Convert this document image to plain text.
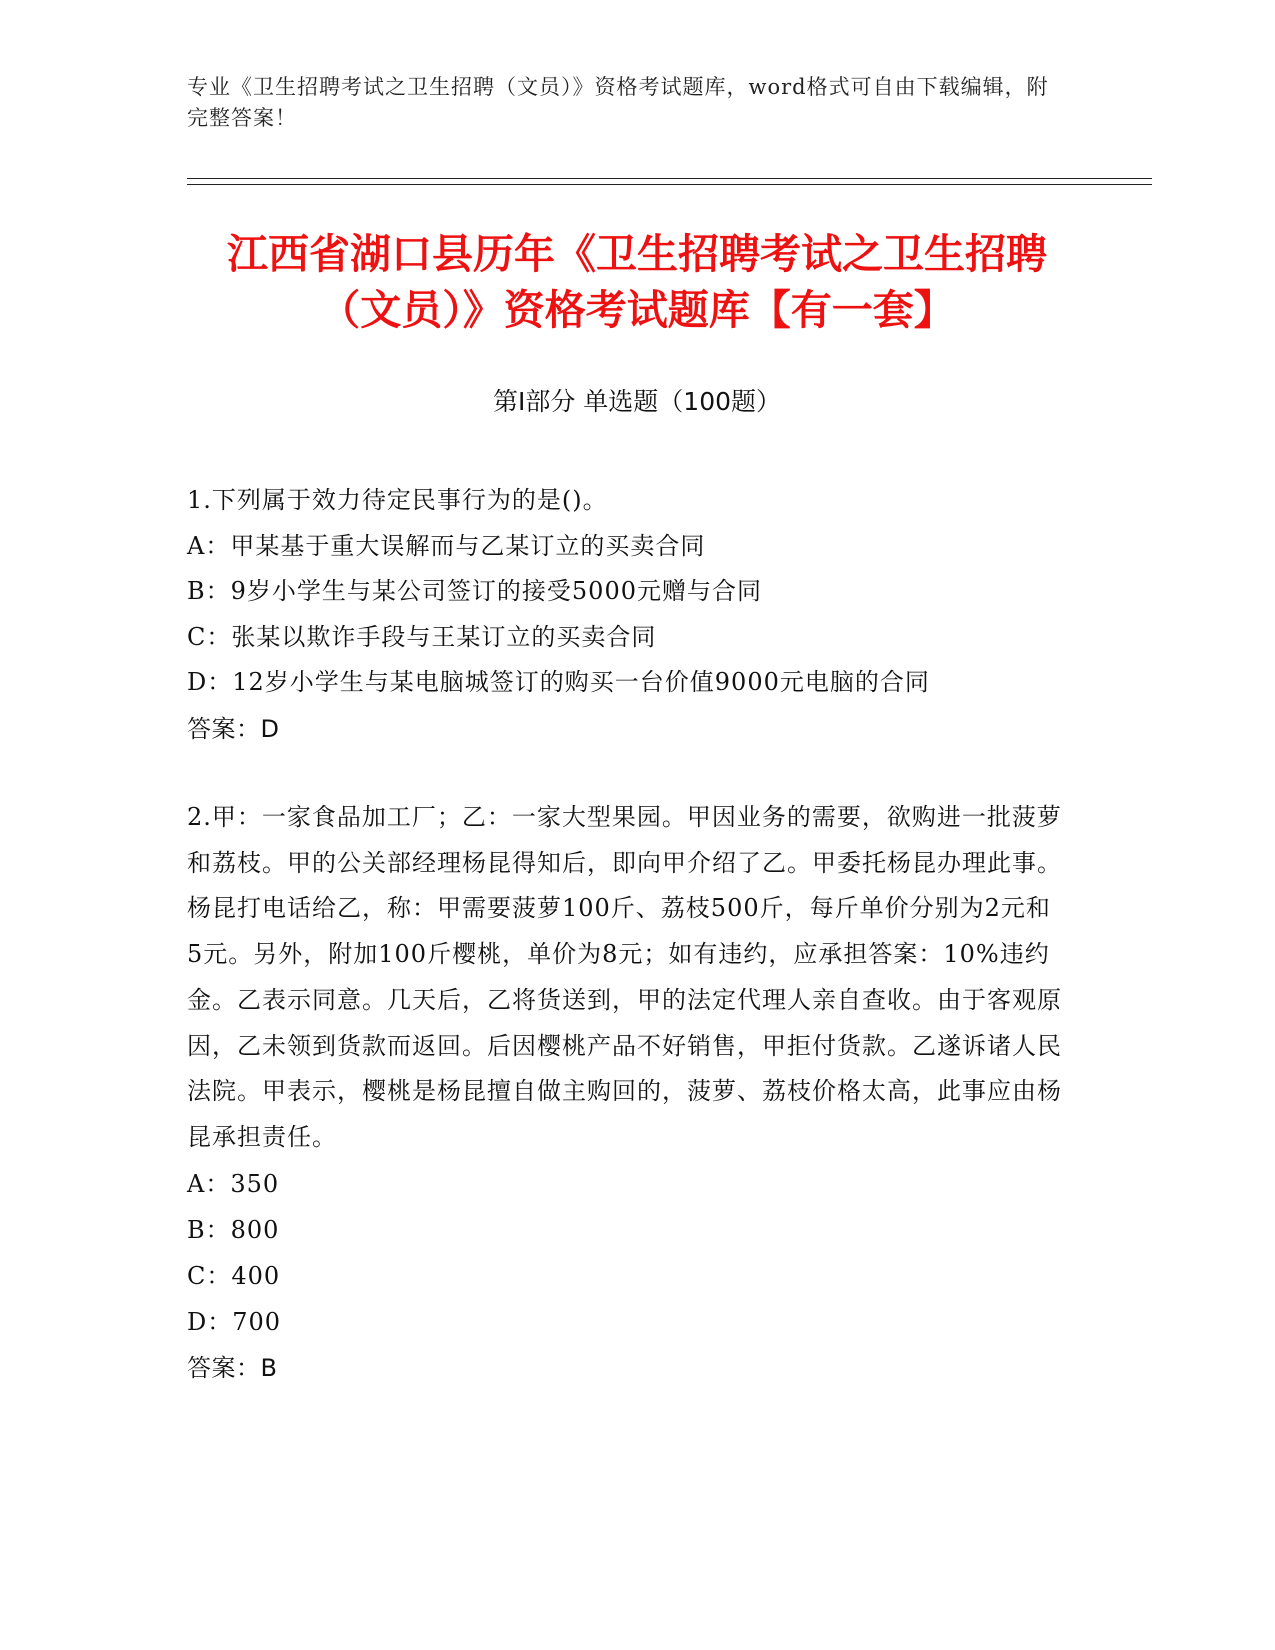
专业《卫生招聘考试之卫生招聘（文员）》资格考试题库，word格式可自由下载编辑，附完整答案！
江西省湖口县历年《卫生招聘考试之卫生招聘（文员）》资格考试题库【有一套】
第Ⅰ部分 单选题（100题）
1.下列属于效力待定民事行为的是()。
A：甲某基于重大误解而与乙某订立的买卖合同
B：9岁小学生与某公司签订的接受5000元赠与合同
C：张某以欺诈手段与王某订立的买卖合同
D：12岁小学生与某电脑城签订的购买一台价值9000元电脑的合同
答案：D
2.甲：一家食品加工厂；乙：一家大型果园。甲因业务的需要，欲购进一批菠萝和荔枝。甲的公关部经理杨昆得知后，即向甲介绍了乙。甲委托杨昆办理此事。杨昆打电话给乙，称：甲需要菠萝100斤、荔枝500斤，每斤单价分别为2元和5元。另外，附加100斤樱桃，单价为8元；如有违约，应承担答案：10%违约金。乙表示同意。几天后，乙将货送到，甲的法定代理人亲自查收。由于客观原因，乙未领到货款而返回。后因樱桃产品不好销售，甲拒付货款。乙遂诉诸人民法院。甲表示，樱桃是杨昆擅自做主购回的，菠萝、荔枝价格太高，此事应由杨昆承担责任。
A：350
B：800
C：400
D：700
答案：B
